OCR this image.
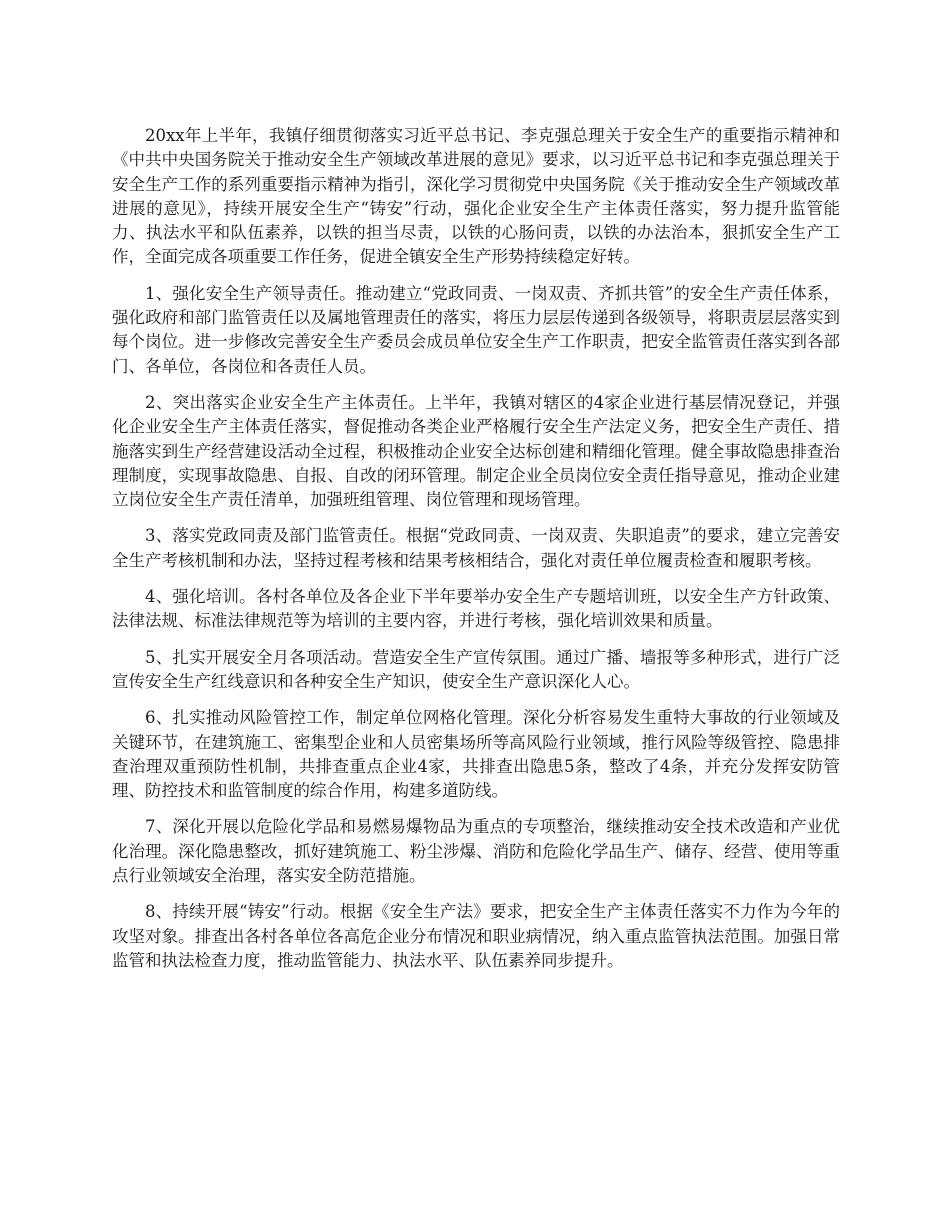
20xx年上半年，我镇仔细贯彻落实习近平总书记、李克强总理关于安全生产的重要指示精神和《中共中央国务院关于推动安全生产领域改革进展的意见》要求，以习近平总书记和李克强总理关于安全生产工作的系列重要指示精神为指引，深化学习贯彻党中央国务院《关于推动安全生产领域改革进展的意见》，持续开展安全生产“铸安”行动，强化企业安全生产主体责任落实，努力提升监管能力、执法水平和队伍素养，以铁的担当尽责，以铁的心肠问责，以铁的办法治本，狠抓安全生产工作，全面完成各项重要工作任务，促进全镇安全生产形势持续稳定好转。

1、强化安全生产领导责任。推动建立“党政同责、一岗双责、齐抓共管”的安全生产责任体系，强化政府和部门监管责任以及属地管理责任的落实，将压力层层传递到各级领导，将职责层层落实到每个岗位。进一步修改完善安全生产委员会成员单位安全生产工作职责，把安全监管责任落实到各部门、各单位，各岗位和各责任人员。

2、突出落实企业安全生产主体责任。上半年，我镇对辖区的4家企业进行基层情况登记，并强化企业安全生产主体责任落实，督促推动各类企业严格履行安全生产法定义务，把安全生产责任、措施落实到生产经营建设活动全过程，积极推动企业安全达标创建和精细化管理。健全事故隐患排查治理制度，实现事故隐患、自报、自改的闭环管理。制定企业全员岗位安全责任指导意见，推动企业建立岗位安全生产责任清单，加强班组管理、岗位管理和现场管理。

3、落实党政同责及部门监管责任。根据“党政同责、一岗双责、失职追责”的要求，建立完善安全生产考核机制和办法，坚持过程考核和结果考核相结合，强化对责任单位履责检查和履职考核。

4、强化培训。各村各单位及各企业下半年要举办安全生产专题培训班，以安全生产方针政策、法律法规、标准法律规范等为培训的主要内容，并进行考核，强化培训效果和质量。

5、扎实开展安全月各项活动。营造安全生产宣传氛围。通过广播、墙报等多种形式，进行广泛宣传安全生产红线意识和各种安全生产知识，使安全生产意识深化人心。

6、扎实推动风险管控工作，制定单位网格化管理。深化分析容易发生重特大事故的行业领域及关键环节，在建筑施工、密集型企业和人员密集场所等高风险行业领域，推行风险等级管控、隐患排查治理双重预防性机制，共排查重点企业4家，共排查出隐患5条，整改了4条，并充分发挥安防管理、防控技术和监管制度的综合作用，构建多道防线。

7、深化开展以危险化学品和易燃易爆物品为重点的专项整治，继续推动安全技术改造和产业优化治理。深化隐患整改，抓好建筑施工、粉尘涉爆、消防和危险化学品生产、储存、经营、使用等重点行业领域安全治理，落实安全防范措施。

8、持续开展“铸安”行动。根据《安全生产法》要求，把安全生产主体责任落实不力作为今年的攻坚对象。排查出各村各单位各高危企业分布情况和职业病情况，纳入重点监管执法范围。加强日常监管和执法检查力度，推动监管能力、执法水平、队伍素养同步提升。
